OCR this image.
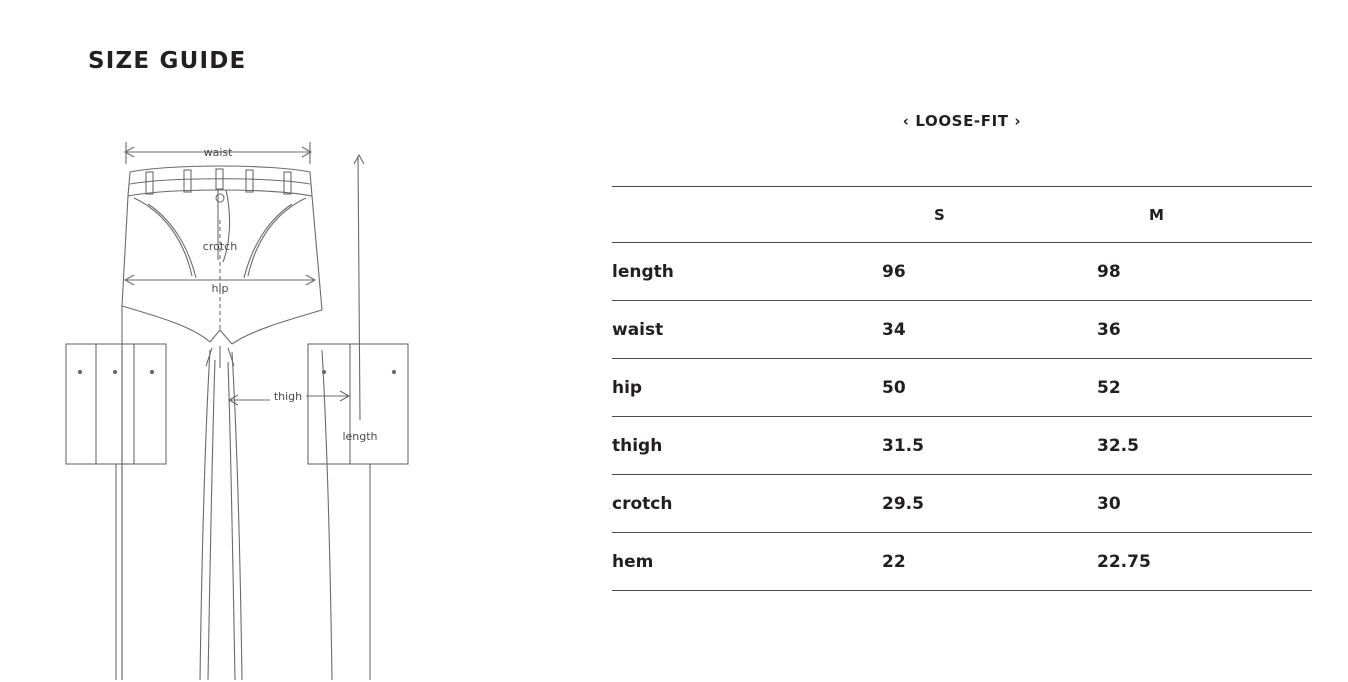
SIZE GUIDE
waist
crotch
hip
thigh
length
‹ LOOSE-FIT ›
	S	M
length	96	98
waist	34	36
hip	50	52
thigh	31.5	32.5
crotch	29.5	30
hem	22	22.75
